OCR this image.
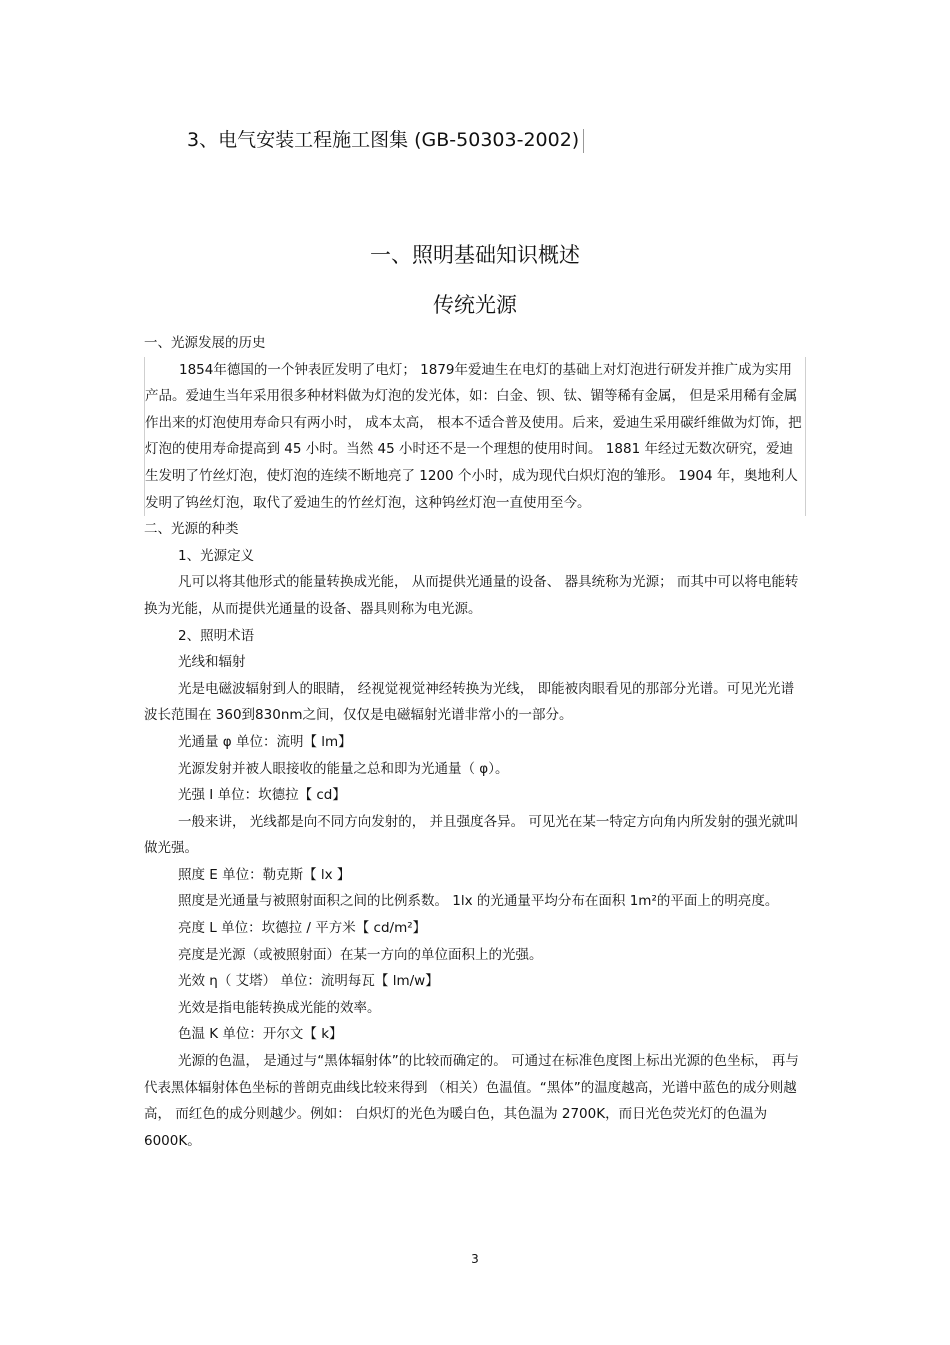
3、电气安装工程施工图集 (GB-50303-2002)
一、照明基础知识概述
传统光源

一、光源发展的历史

1854年德国的一个钟表匠发明了电灯； 1879年爱迪生在电灯的基础上对灯泡进行研发并推广成为实用产品。爱迪生当年采用很多种材料做为灯泡的发光体，如：白金、钡、钛、镅等稀有金属， 但是采用稀有金属作出来的灯泡使用寿命只有两小时， 成本太高， 根本不适合普及使用。后来，爱迪生采用碳纤维做为灯饰，把灯泡的使用寿命提高到 45 小时。当然 45 小时还不是一个理想的使用时间。 1881 年经过无数次研究，爱迪生发明了竹丝灯泡，使灯泡的连续不断地亮了 1200 个小时，成为现代白炽灯泡的雏形。 1904 年，奥地利人发明了钨丝灯泡，取代了爱迪生的竹丝灯泡，这种钨丝灯泡一直使用至今。

二、光源的种类

1、光源定义

凡可以将其他形式的能量转换成光能， 从而提供光通量的设备、 器具统称为光源； 而其中可以将电能转换为光能，从而提供光通量的设备、器具则称为电光源。

2、照明术语

光线和辐射

光是电磁波辐射到人的眼睛， 经视觉视觉神经转换为光线， 即能被肉眼看见的那部分光谱。可见光光谱波长范围在 360到830nm之间，仅仅是电磁辐射光谱非常小的一部分。

光通量 φ 单位：流明【 lm】

光源发射并被人眼接收的能量之总和即为光通量（ φ）。

光强 I 单位：坎德拉【 cd】

一般来讲， 光线都是向不同方向发射的， 并且强度各异。 可见光在某一特定方向角内所发射的强光就叫做光强。

照度 E 单位：勒克斯【 lx 】

照度是光通量与被照射面积之间的比例系数。 1lx 的光通量平均分布在面积 1m²的平面上的明亮度。

亮度 L 单位：坎德拉 / 平方米【 cd/m²】

亮度是光源（或被照射面）在某一方向的单位面积上的光强。

光效 η（ 艾塔） 单位：流明每瓦【 lm/w】

光效是指电能转换成光能的效率。

色温 K 单位：开尔文【 k】

光源的色温， 是通过与“黑体辐射体”的比较而确定的。 可通过在标准色度图上标出光源的色坐标， 再与代表黑体辐射体色坐标的普朗克曲线比较来得到 （相关）色温值。“黑体”的温度越高，光谱中蓝色的成分则越高， 而红色的成分则越少。例如： 白炽灯的光色为暖白色，其色温为 2700K，而日光色荧光灯的色温为 6000K。

3
